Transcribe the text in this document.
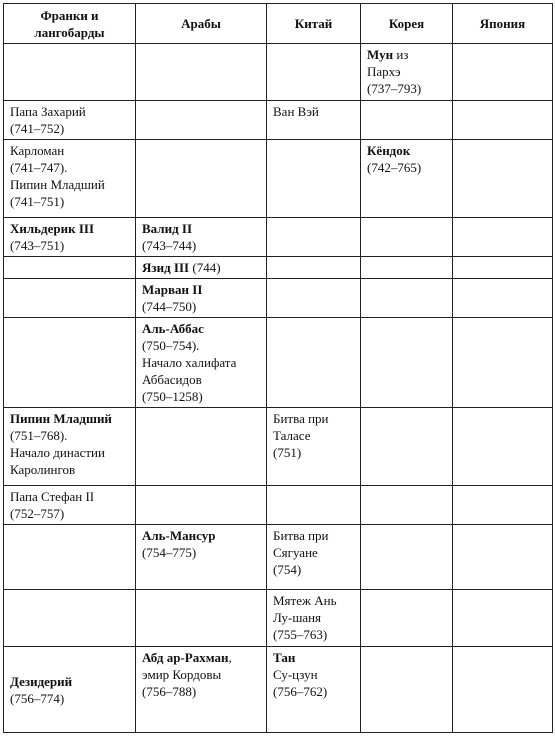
Франки и лангобарды	Арабы	Китай	Корея	Япония

			Мун из
Пархэ
(737–793)	

Папа Захарий
(741–752)		Ван Вэй		

Карломан
(741–747).
Пипин Младший
(741–751)			Кёндок
(742–765)	

Хильдерик III
(743–751)	Валид II
(743–744)			

	Язид III (744)			

	Марван II
(744–750)			

	Аль-Аббас
(750–754).
Начало халифата
Аббасидов
(750–1258)			

Пипин Младший
(751–768).
Начало династии
Каролингов		Битва при
Таласе
(751)		

Папа Стефан II
(752–757)				

	Аль-Мансур
(754–775)	Битва при
Сягуане
(754)		

		Мятеж Ань
Лу-шаня
(755–763)		

Дезидерий
(756–774)	Абд ар-Рахман,
эмир Кордовы
(756–788)	Тан
Су-цзун
(756–762)		
